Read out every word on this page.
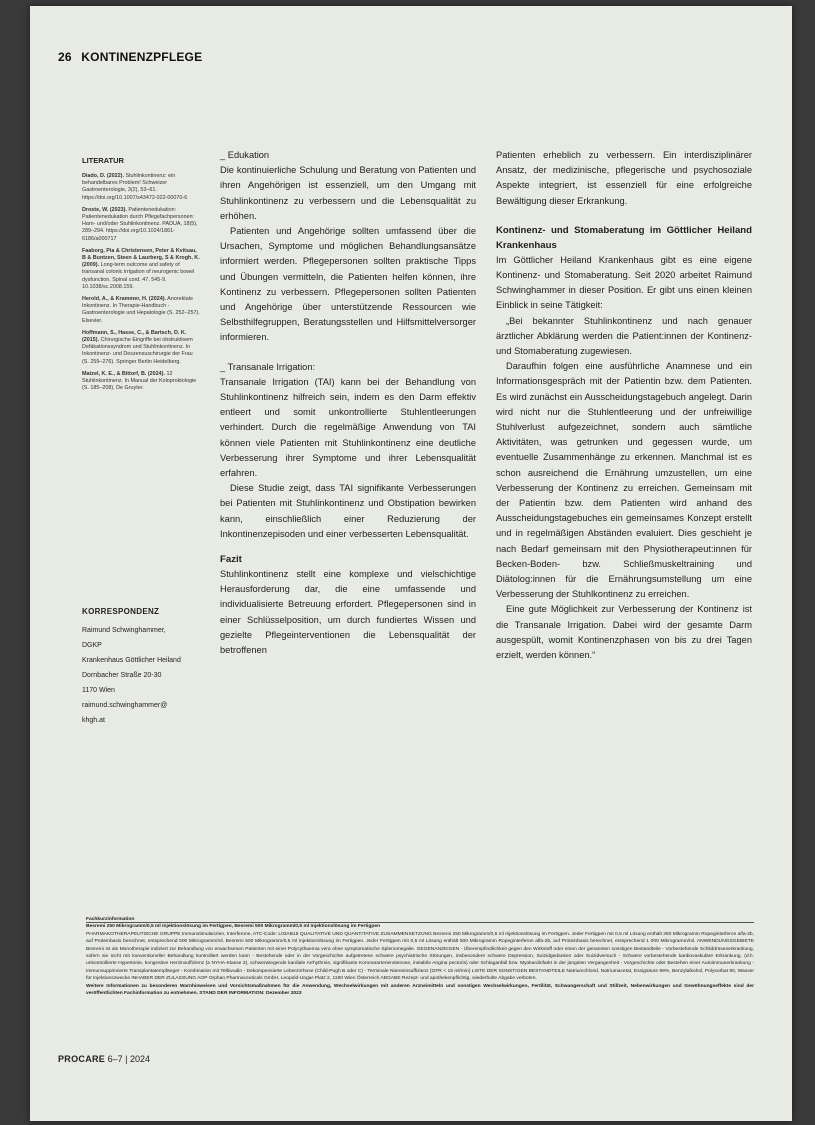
26 KONTINENZPFLEGE
LITERATUR
Diado, D. (2022). Stuhlinkontinenz: ein behandelbares Problem! Schweizer Gastroenterologie, 3(2), 53–61. https://doi.org/10.1007/s43472-022-00070-6
Droste, W. (2023). Patientenedukation: Patientenedukation durch Pflegefachpersonen: Harn- und/oder Stuhlinkontinenz. PADUA, 18(5), 289–294. https://doi.org/10.1024/1861-6186/a000717
Faaborg, Pia & Christensen, Peter & Kvitsau, B & Buntzen, Steen & Laurberg, S & Krogh, K. (2009). Long-term outcome and safety of transanal colonic irrigation of neurogenic bowel dysfunction. Spinal cord. 47. 545-9. 10.1038/sc.2008.159.
Herold, A., & Krammer, H. (2024). Anorektale Inkontinenz. In Therapie-Handbuch - Gastroenterologie und Hepatologie (S. 252–257). Elsevier.
Hoffmann, S., Hasse, C., & Bartsch, D. K. (2015). Chirurgische Eingriffe bei obstruktivem Defäkationssyndrom und Stuhlinkontinenz. In Inkontinenz- und Deszensuschirurgie der Frau (S. 259–276). Springer Berlin Heidelberg.
Matzel, K. E., & Bittorf, B. (2024). 12 Stuhlinkontinenz. In Manual der Koloproktologie (S. 185–208). De Gruyter.
KORRESPONDENZ
Raimund Schwinghammer,
DGKP
Krankenhaus Göttlicher Heiland
Dornbacher Straße 20-30
1170 Wien
raimund.schwinghammer@
khgh.at

_ Edukation

Die kontinuierliche Schulung und Beratung von Patienten und ihren Angehörigen ist essenziell, um den Umgang mit Stuhlinkontinenz zu verbessern und die Lebensqualität zu erhöhen.

Patienten und Angehörige sollten umfassend über die Ursachen, Symptome und möglichen Behandlungsansätze informiert werden. Pflegepersonen sollten praktische Tipps und Übungen vermitteln, die Patienten helfen können, ihre Kontinenz zu verbessern. Pflegepersonen sollten Patienten und Angehörige über unterstützende Ressourcen wie Selbsthilfegruppen, Beratungsstellen und Hilfsmittelversorger informieren.

_ Transanale Irrigation:

Transanale Irrigation (TAI) kann bei der Behandlung von Stuhlinkontinenz hilfreich sein, indem es den Darm effektiv entleert und somit unkontrollierte Stuhlentleerungen verhindert. Durch die regelmäßige Anwendung von TAI können viele Patienten mit Stuhlinkontinenz eine deutliche Verbesserung ihrer Symptome und ihrer Lebensqualität erfahren.

Diese Studie zeigt, dass TAI signifikante Verbesserungen bei Patienten mit Stuhlinkontinenz und Obstipation bewirken kann, einschließlich einer Reduzierung der Inkontinenzepisoden und einer verbesserten Lebensqualität.

Fazit

Stuhlinkontinenz stellt eine komplexe und vielschichtige Herausforderung dar, die eine umfassende und individualisierte Betreuung erfordert. Pflegepersonen sind in einer Schlüsselposition, um durch fundiertes Wissen und gezielte Pflegeinterventionen die Lebensqualität der betroffenen

Patienten erheblich zu verbessern. Ein interdisziplinärer Ansatz, der medizinische, pflegerische und psychosoziale Aspekte integriert, ist essenziell für eine erfolgreiche Bewältigung dieser Erkrankung.

Kontinenz- und Stomaberatung im Göttlicher Heiland Krankenhaus

Im Göttlicher Heiland Krankenhaus gibt es eine eigene Kontinenz- und Stomaberatung. Seit 2020 arbeitet Raimund Schwinghammer in dieser Position. Er gibt uns einen kleinen Einblick in seine Tätigkeit:

„Bei bekannter Stuhlinkontinenz und nach genauer ärztlicher Abklärung werden die Patient:innen der Kontinenz- und Stomaberatung zugewiesen.

Daraufhin folgen eine ausführliche Anamnese und ein Informationsgespräch mit der Patientin bzw. dem Patienten. Es wird zunächst ein Ausscheidungstagebuch angelegt. Darin wird nicht nur die Stuhlentleerung und der unfreiwillige Stuhlverlust aufgezeichnet, sondern auch sämtliche Aktivitäten, was getrunken und gegessen wurde, um eventuelle Zusammenhänge zu erkennen. Manchmal ist es schon ausreichend die Ernährung umzustellen, um eine Verbesserung der Kontinenz zu erreichen. Gemeinsam mit der Patientin bzw. dem Patienten wird anhand des Ausscheidungstagebuches ein gemeinsames Konzept erstellt und in regelmäßigen Abständen evaluiert. Dies geschieht je nach Bedarf gemeinsam mit den Physiotherapeut:innen für Becken-Boden- bzw. Schließmuskeltraining und Diätolog:innen für die Ernährungsumstellung um eine Verbesserung der Stuhlkontinenz zu erreichen.

Eine gute Möglichkeit zur Verbesserung der Kontinenz ist die Transanale Irrigation. Dabei wird der gesamte Darm ausgespült, womit Kontinenzphasen von bis zu drei Tagen erzielt, werden können.“

Fachkurzinformation
Besremi 250 Mikrogramm/0,5 ml Injektionslösung im Fertigpen, Besremi 500 Mikrogramm/0,5 ml Injektionslösung im Fertigpen
PHARMAKOTHERAPEUTISCHE GRUPPE Immunstimulanzien, Interferone, ATC-Code: L03AB15 QUALITATIVE UND QUANTITATIVE ZUSAMMENSETZUNG Besremi 250 Mikrogramm/0,5 ml Injektionslösung im Fertigpen. Jeder Fertigpen mit 0,5 ml Lösung enthält 250 Mikrogramm Ropeginterferon alfa-2b, auf Proteinbasis berechnet, entsprechend 500 Mikrogramm/ml. Besremi 500 Mikrogramm/0,5 ml Injektionslösung im Fertigpen. Jeder Fertigpen mit 0,5 ml Lösung enthält 500 Mikrogramm Ropeginterferon alfa-2b, auf Proteinbasis berechnet, entsprechend 1 000 Mikrogramm/ml. ANWENDUNGSGEBIETE Besremi ist als Monotherapie indiziert zur Behandlung von erwachsenen Patienten mit einer Polycythaemia vera ohne symptomatische Splenomegalie. GEGENANZEIGEN - Überempfindlichkeit gegen den Wirkstoff oder einen der genannten sonstigen Bestandteile - Vorbestehende Schilddrüsenerkrankung, sofern sie nicht mit konventioneller Behandlung kontrolliert werden kann - Bestehende oder in der Vorgeschichte aufgetretene schwere psychiatrische Störungen, insbesondere schwere Depression, Suizidgedanken oder Suizidversuch - Schwere vorbestehende kardiovaskuläre Erkrankung, (d.h. unkontrollierte Hypertonie, kongestive Herzinsuffizienz (≥ NYHA-Klasse 2), schwerwiegende kardiale Arrhythmie, signifikante Koronararterienstenose, instabile Angina pectoris) oder Schlaganfall bzw. Myokardinfarkt in der jüngsten Vergangenheit - Vorgeschichte oder Bestehen einer Autoimmunerkrankung - Immunsupprimierte Transplantatempfänger - Kombination mit Telbivudin - Dekompensierte Leberzirrhose (Child-Pugh B oder C) - Terminale Niereninsuffizienz (GFR < 15 ml/min) LISTE DER SONSTIGEN BESTANDTEILE Natriumchlorid, Natriumacetat, Essigsäure 99%, Benzylalkohol, Polysorbat 80, Wasser für Injektionszwecke INHABER DER ZULASSUNG AOP Orphan Pharmaceuticals GmbH, Leopold-Ungar-Platz 2, 1190 Wien Österreich ABGABE Rezept- und apothekenpflichtig, wiederholte Abgabe verboten.
Weitere Informationen zu besonderen Warnhinweisen und Vorsichtsmaßnahmen für die Anwendung, Wechselwirkungen mit anderen Arzneimitteln und sonstigen Wechselwirkungen, Fertilität, Schwangerschaft und Stillzeit, Nebenwirkungen und Gewöhnungseffekte sind der veröffentlichten Fachinformation zu entnehmen. STAND DER INFORMATION: Dezember 2023
PROCARE 6–7 | 2024
